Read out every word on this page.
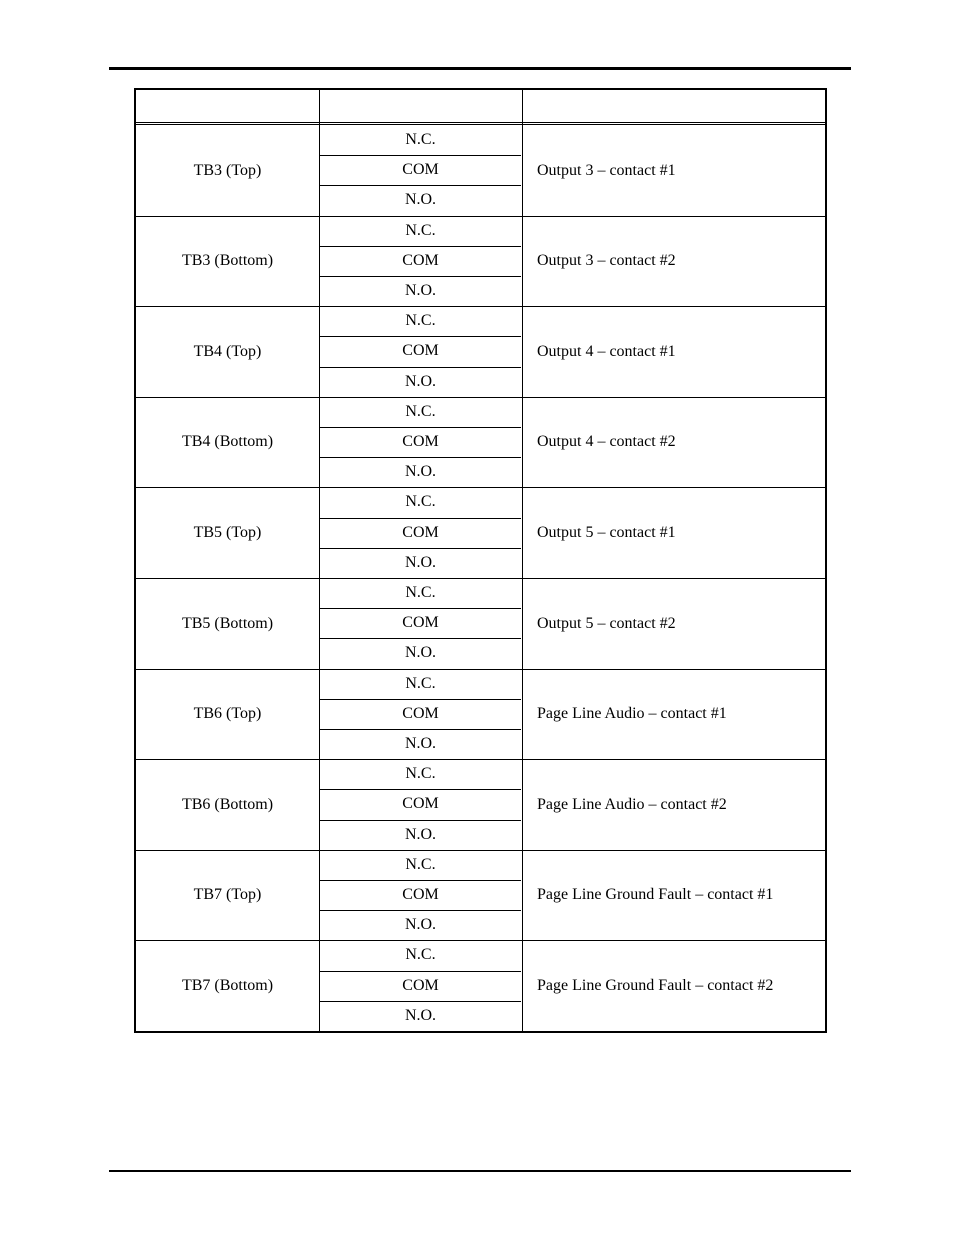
TB3 (Top)
N.C.
COM
N.O.
Output 3 – contact #1
TB3 (Bottom)
N.C.
COM
N.O.
Output 3 – contact #2
TB4 (Top)
N.C.
COM
N.O.
Output 4 – contact #1
TB4 (Bottom)
N.C.
COM
N.O.
Output 4 – contact #2
TB5 (Top)
N.C.
COM
N.O.
Output 5 – contact #1
TB5 (Bottom)
N.C.
COM
N.O.
Output 5 – contact #2
TB6 (Top)
N.C.
COM
N.O.
Page Line Audio – contact #1
TB6 (Bottom)
N.C.
COM
N.O.
Page Line Audio – contact #2
TB7 (Top)
N.C.
COM
N.O.
Page Line Ground Fault – contact #1
TB7 (Bottom)
N.C.
COM
N.O.
Page Line Ground Fault – contact #2
